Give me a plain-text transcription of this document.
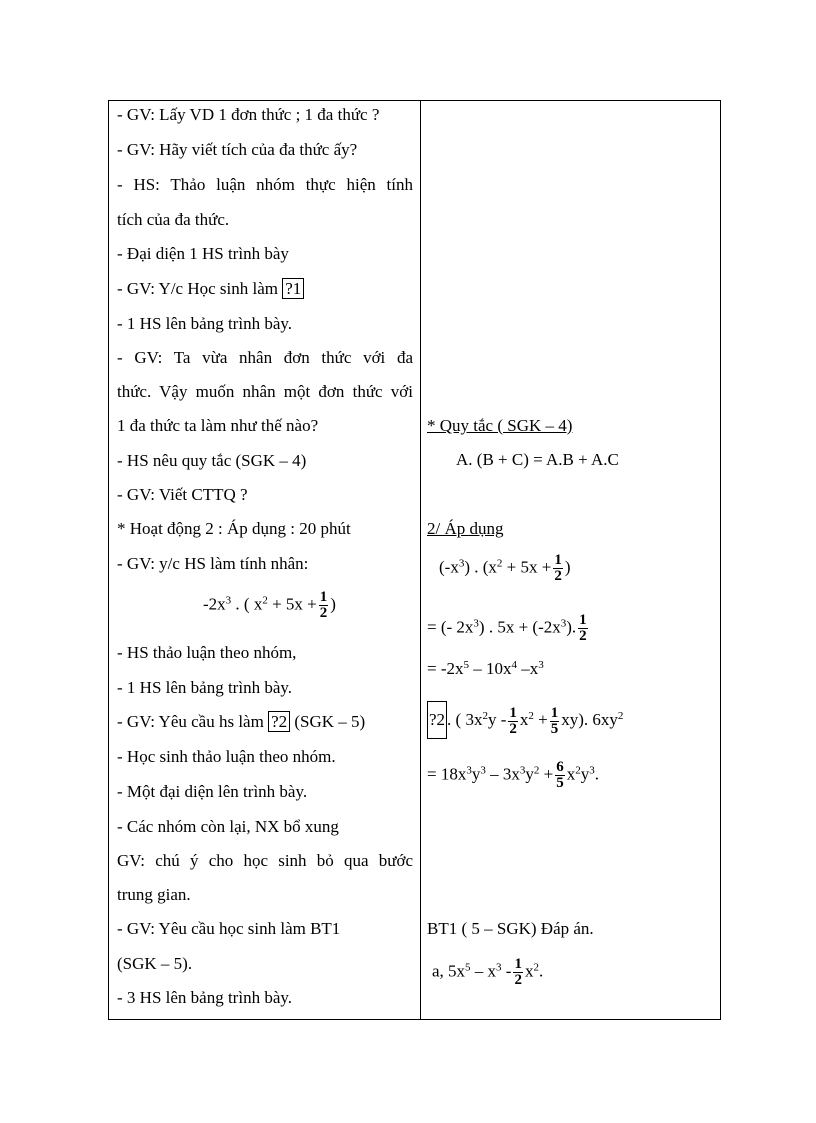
- GV: Lấy VD 1 đơn thức ; 1 đa thức ?
- GV: Hãy viết tích của đa thức ấy?
- HS: Thảo luận nhóm thực hiện tính
tích của đa thức.
- Đại diện 1 HS trình bày
- GV: Y/c Học sinh làm ?1
- 1 HS lên bảng trình bày.
- GV: Ta vừa nhân đơn thức với đa
thức. Vậy muốn nhân một đơn thức với
1 đa thức ta làm như thế nào?
- HS nêu quy tắc (SGK – 4)
- GV: Viết CTTQ ?
* Hoạt động 2 : Áp dụng : 20 phút
- GV: y/c HS làm tính nhân:
$-2x^3$ . ( $x^2 + 5x + \frac{1}{2}$ )
- HS thảo luận theo nhóm,
- 1 HS lên bảng trình bày.
- GV: Yêu cầu hs làm ?2 (SGK – 5)
- Học sinh thảo luận theo nhóm.
- Một đại diện lên trình bày.
- Các nhóm còn lại, NX bổ xung
GV: chú ý cho học sinh bỏ qua bước
trung gian.
- GV: Yêu cầu học sinh làm BT1
(SGK – 5).
- 3 HS lên bảng trình bày.
* Quy tắc ( SGK – 4)
A. (B + C) = A.B + A.C
2/ Áp dụng
$(-x^3)$ . ($x^2 + 5x + \frac{1}{2}$ )
= (- $2x^3$) . $5x + (-2x^3)$. $\frac{1}{2}$
= $-2x^5 - 10x^4$ $-x^3$
?2 . ( $3x^2y - \frac{1}{2} x^2 + \frac{1}{5} xy$). $6xy^2$
= $18x^3y^3 - 3x^3y^2 + \frac{6}{5} x^2y^3$.
BT1 ( 5 – SGK) Đáp án.
a, $5x^5 - x^3 - \frac{1}{2} x^2$.
